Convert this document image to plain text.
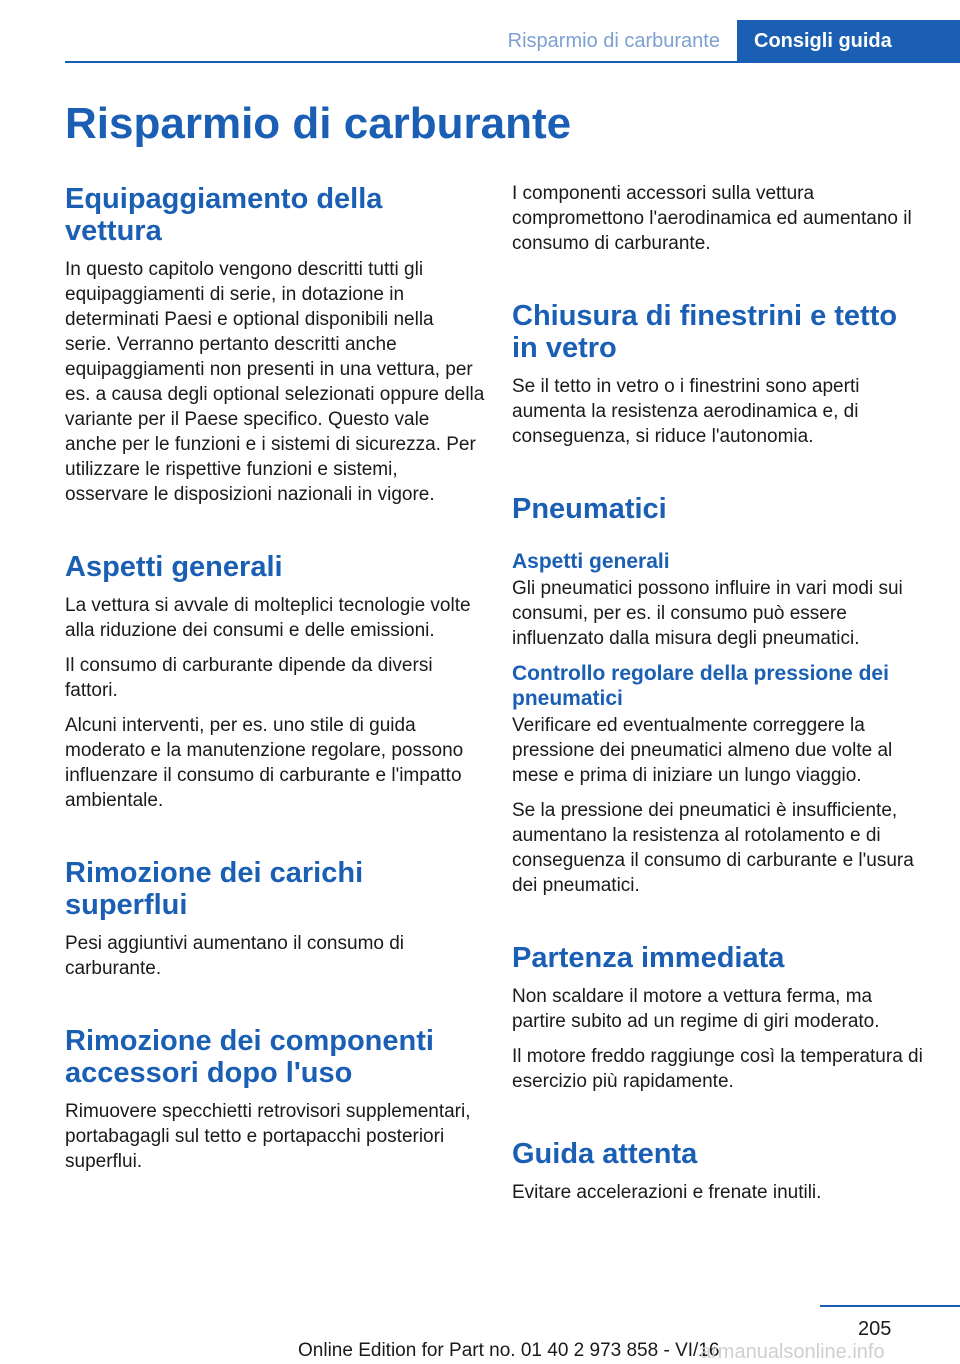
Risparmio di carburante	Consigli guida
Risparmio di carburante
Equipaggiamento della vettura

In questo capitolo vengono descritti tutti gli equipaggiamenti di serie, in dotazione in determinati Paesi e optional disponibili nella serie. Verranno pertanto descritti anche equipaggiamenti non presenti in una vettura, per es. a causa degli optional selezionati oppure della variante per il Paese specifico. Questo vale anche per le funzioni e i sistemi di sicurezza. Per utilizzare le rispettive funzioni e sistemi, osservare le disposizioni nazionali in vigore.

Aspetti generali

La vettura si avvale di molteplici tecnologie volte alla riduzione dei consumi e delle emissioni.

Il consumo di carburante dipende da diversi fattori.

Alcuni interventi, per es. uno stile di guida moderato e la manutenzione regolare, possono influenzare il consumo di carburante e l'impatto ambientale.

Rimozione dei carichi superflui

Pesi aggiuntivi aumentano il consumo di carburante.

Rimozione dei componenti accessori dopo l'uso

Rimuovere specchietti retrovisori supplementari, portabagagli sul tetto e portapacchi posteriori superflui.

I componenti accessori sulla vettura compromettono l'aerodinamica ed aumentano il consumo di carburante.

Chiusura di finestrini e tetto in vetro

Se il tetto in vetro o i finestrini sono aperti aumenta la resistenza aerodinamica e, di conseguenza, si riduce l'autonomia.

Pneumatici
Aspetti generali

Gli pneumatici possono influire in vari modi sui consumi, per es. il consumo può essere influenzato dalla misura degli pneumatici.

Controllo regolare della pressione dei pneumatici

Verificare ed eventualmente correggere la pressione dei pneumatici almeno due volte al mese e prima di iniziare un lungo viaggio.

Se la pressione dei pneumatici è insufficiente, aumentano la resistenza al rotolamento e di conseguenza il consumo di carburante e l'usura dei pneumatici.

Partenza immediata

Non scaldare il motore a vettura ferma, ma partire subito ad un regime di giri moderato.

Il motore freddo raggiunge così la temperatura di esercizio più rapidamente.

Guida attenta

Evitare accelerazioni e frenate inutili.

205
Online Edition for Part no. 01 40 2 973 858 - VI/16
armanualsonline.info
